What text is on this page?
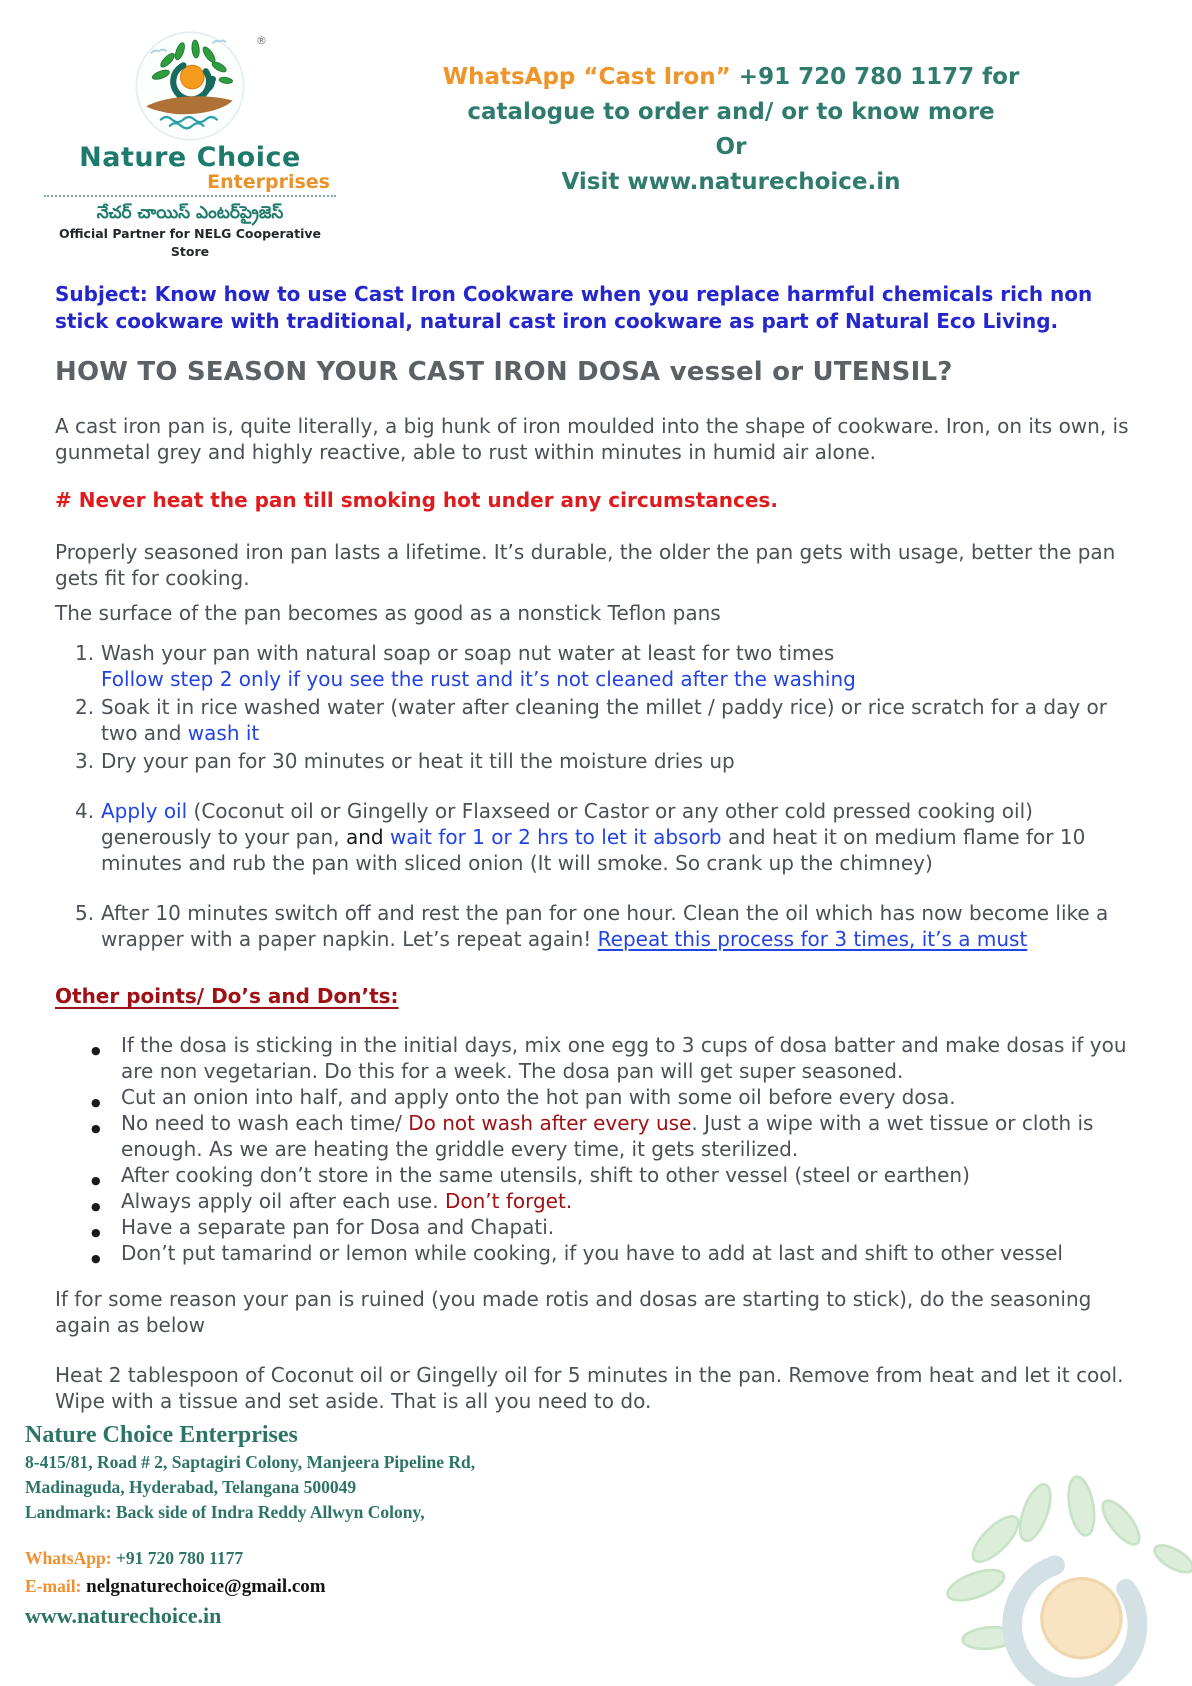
®
Nature Choice
Enterprises
నేచర్ చాయిస్ ఎంటర్‌ప్రైజెస్
Official Partner for NELG Cooperative Store
WhatsApp “Cast Iron” +91 720 780 1177 for
catalogue to order and/ or to know more
Or
Visit www.naturechoice.in

Subject: Know how to use Cast Iron Cookware when you replace harmful chemicals rich non stick cookware with traditional, natural cast iron cookware as part of Natural Eco Living.

HOW TO SEASON YOUR CAST IRON DOSA vessel or UTENSIL?

A cast iron pan is, quite literally, a big hunk of iron moulded into the shape of cookware. Iron, on its own, is gunmetal grey and highly reactive, able to rust within minutes in humid air alone.

# Never heat the pan till smoking hot under any circumstances.

Properly seasoned iron pan lasts a lifetime. It’s durable, the older the pan gets with usage, better the pan gets fit for cooking.

The surface of the pan becomes as good as a nonstick Teflon pans

1. Wash your pan with natural soap or soap nut water at least for two times
Follow step 2 only if you see the rust and it’s not cleaned after the washing
2. Soak it in rice washed water (water after cleaning the millet / paddy rice) or rice scratch for a day or two and wash it
3. Dry your pan for 30 minutes or heat it till the moisture dries up
4. Apply oil (Coconut oil or Gingelly or Flaxseed or Castor or any other cold pressed cooking oil) generously to your pan, and wait for 1 or 2 hrs to let it absorb and heat it on medium flame for 10 minutes and rub the pan with sliced onion (It will smoke. So crank up the chimney)
5. After 10 minutes switch off and rest the pan for one hour. Clean the oil which has now become like a wrapper with a paper napkin. Let’s repeat again! Repeat this process for 3 times, it’s a must

Other points/ Do’s and Don’ts:

● If the dosa is sticking in the initial days, mix one egg to 3 cups of dosa batter and make dosas if you are non vegetarian. Do this for a week. The dosa pan will get super seasoned.
● Cut an onion into half, and apply onto the hot pan with some oil before every dosa.
● No need to wash each time/ Do not wash after every use. Just a wipe with a wet tissue or cloth is enough. As we are heating the griddle every time, it gets sterilized.
● After cooking don’t store in the same utensils, shift to other vessel (steel or earthen)
● Always apply oil after each use. Don’t forget.
● Have a separate pan for Dosa and Chapati.
● Don’t put tamarind or lemon while cooking, if you have to add at last and shift to other vessel

If for some reason your pan is ruined (you made rotis and dosas are starting to stick), do the seasoning again as below

Heat 2 tablespoon of Coconut oil or Gingelly oil for 5 minutes in the pan. Remove from heat and let it cool. Wipe with a tissue and set aside. That is all you need to do.

Nature Choice Enterprises
8-415/81, Road # 2, Saptagiri Colony, Manjeera Pipeline Rd,
Madinaguda, Hyderabad, Telangana 500049
Landmark: Back side of Indra Reddy Allwyn Colony,
WhatsApp: +91 720 780 1177
E-mail: nelgnaturechoice@gmail.com
www.naturechoice.in
